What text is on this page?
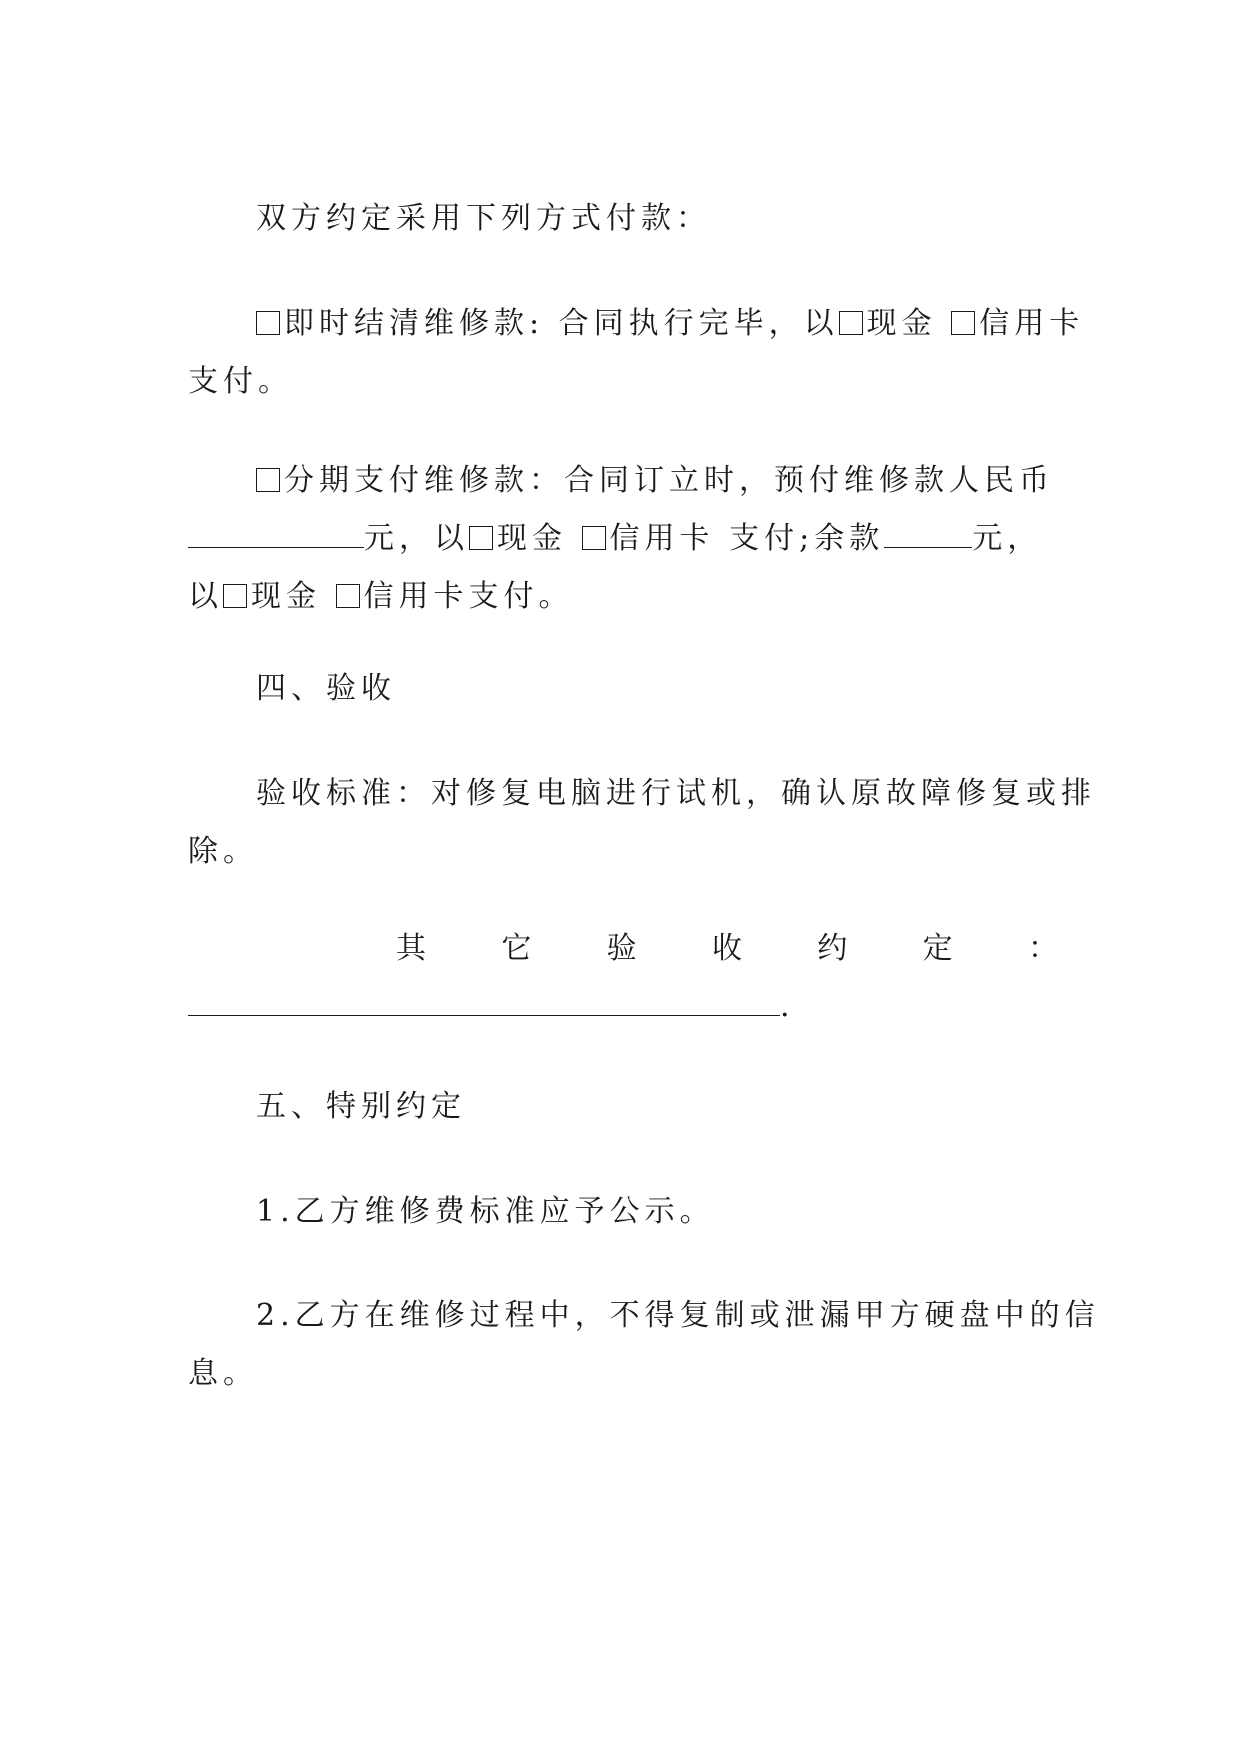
双方约定采用下列方式付款：

即时结清维修款: 合同执行完毕，以 现金 信用卡
支付。

分期支付维修款：合同订立时，预付维修款人民币
元，以 现金 信用卡 支付;余款	元，
以 现金 信用卡支付。

四、验收

验收标准：对修复电脑进行试机，确认原故障修复或排
除。

其	它	验	收	约	定	：
.

五、特别约定

1.乙方维修费标准应予公示。

2.乙方在维修过程中，不得复制或泄漏甲方硬盘中的信
息。
